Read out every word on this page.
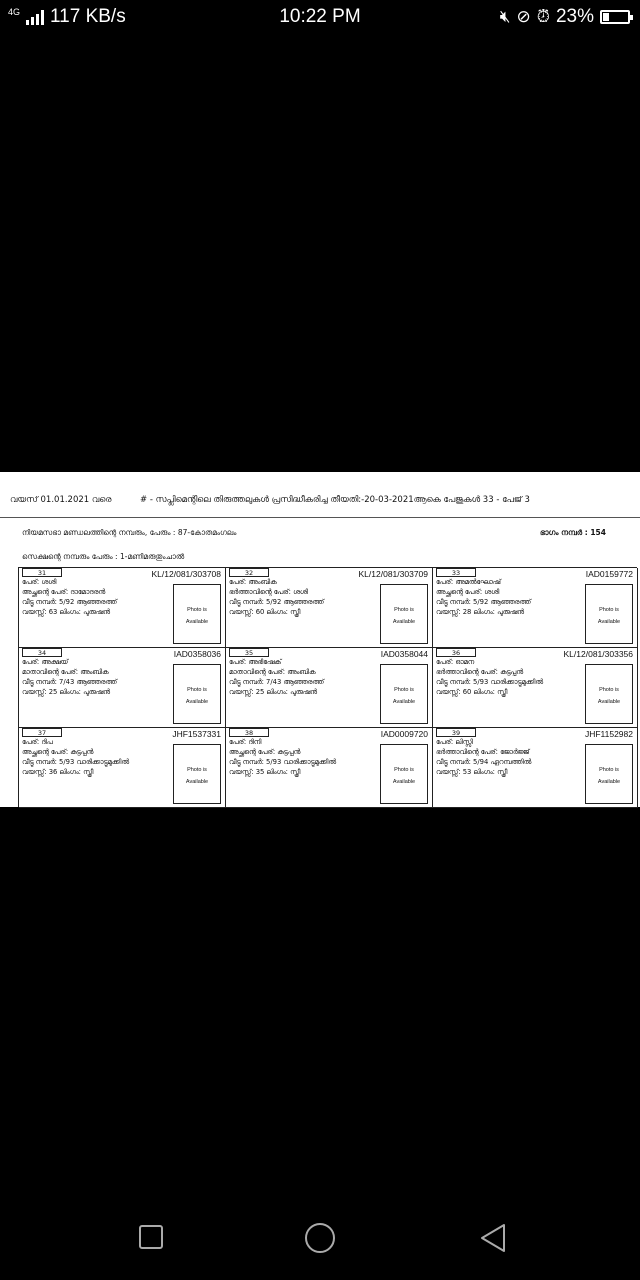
4G 117 KB/s	10:22 PM	🔇︎ ⊘ ⏰︎ 23%
വയസ് 01.01.2021 വരെ	# - സപ്ലിമെന്റിലെ തിരുത്തലുകൾ പ്രസിദ്ധീകരിച്ച തീയതി:-20-03-2021ആകെ പേജുകൾ 33 - പേജ് 3
നിയമസഭാ മണ്ഡലത്തിന്റെ നമ്പരും, പേരും : 87-കോതമംഗലം	ഭാഗം നമ്പർ : 154
സെക്ഷന്റെ നമ്പരും പേരും : 1-മണിമരുതുംചാൽ
31	KL/12/081/303708
പേര്: ശശി
അച്ഛന്റെ പേര്: ദാമോദരൻ
വീട്ടു നമ്പർ: 5/92 ആഞ്ഞരത്ത്
വയസ്സ്: 63 ലിംഗം: പുരുഷൻ	Photo is
Available
32	KL/12/081/303709
പേര്: അംബിക
ഭർത്താവിന്റെ പേര്: ശശി
വീട്ടു നമ്പർ: 5/92 ആഞ്ഞരത്ത്
വയസ്സ്: 60 ലിംഗം: സ്ത്രീ	Photo is
Available
33	IAD0159772
പേര്: അമൽഘോഷ്
അച്ഛന്റെ പേര്: ശശി
വീട്ടു നമ്പർ: 5/92 ആഞ്ഞരത്ത്
വയസ്സ്: 28 ലിംഗം: പുരുഷൻ	Photo is
Available
34	IAD0358036
പേര്: അക്ഷയ്
മാതാവിന്റെ പേര്: അംബിക
വീട്ടു നമ്പർ: 7/43 ആഞ്ഞരത്ത്
വയസ്സ്: 25 ലിംഗം: പുരുഷൻ	Photo is
Available
35	IAD0358044
പേര്: അഭിഷേക്
മാതാവിന്റെ പേര്: അംബിക
വീട്ടു നമ്പർ: 7/43 ആഞ്ഞരത്ത്
വയസ്സ്: 25 ലിംഗം: പുരുഷൻ	Photo is
Available
36	KL/12/081/303356
പേര്: ഓമന
ഭർത്താവിന്റെ പേര്: കുട്ടപ്പൻ
വീട്ടു നമ്പർ: 5/93 വാരിക്കാട്ടുമുക്കിൽ
വയസ്സ്: 60 ലിംഗം: സ്ത്രീ	Photo is
Available
37	JHF1537331
പേര്: ദിപ
അച്ഛന്റെ പേര്: കുട്ടപ്പൻ
വീട്ടു നമ്പർ: 5/93 വാരിക്കാട്ടുമുക്കിൽ
വയസ്സ്: 36 ലിംഗം: സ്ത്രീ	Photo is
Available
38	IAD0009720
പേര്: ദിനി
അച്ഛന്റെ പേര്: കുട്ടപ്പൻ
വീട്ടു നമ്പർ: 5/93 വാരിക്കാട്ടുമുക്കിൽ
വയസ്സ്: 35 ലിംഗം: സ്ത്രീ	Photo is
Available
39	JHF1152982
പേര്: ലിസ്സി
ഭർത്താവിന്റെ പേര്: ജോർജ്ജ്
വീട്ടു നമ്പർ: 5/94 ഏറമ്പത്തിൽ
വയസ്സ്: 53 ലിംഗം: സ്ത്രീ	Photo is
Available
